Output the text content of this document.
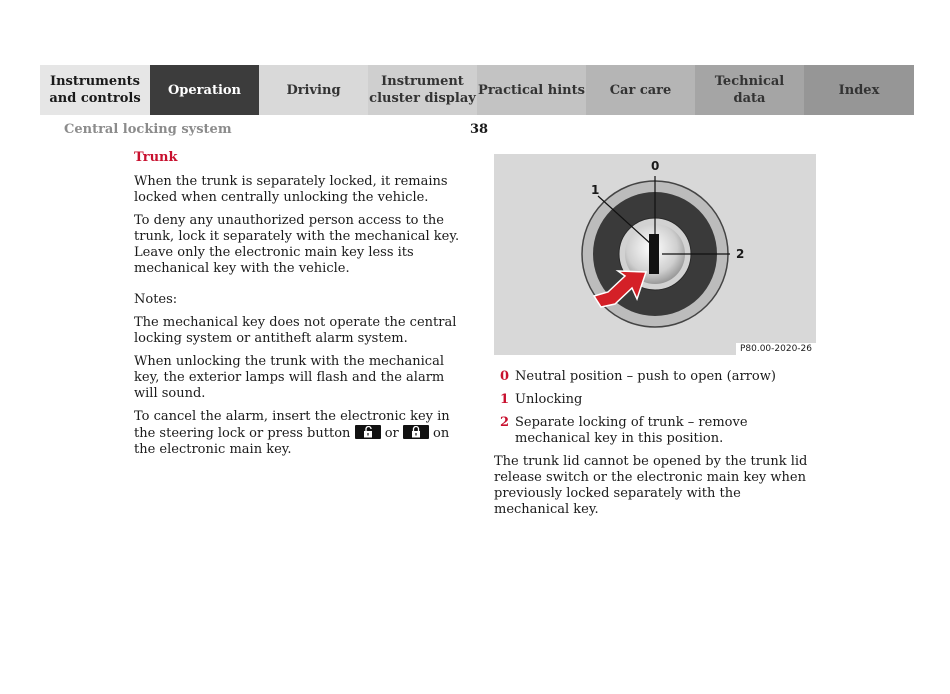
Instruments
and controls
Operation	Driving
Instrument
cluster display
Practical hints	Car care
Technical
data
Index
Central locking system	38
Trunk

When the trunk is separately locked, it remains locked when centrally unlocking the vehicle.

To deny any unauthorized person access to the trunk, lock it separately with the mechanical key. Leave only the electronic main key less its mechanical key with the vehicle.

Notes:

The mechanical key does not operate the central locking system or antitheft alarm system.

When unlocking the trunk with the mechanical key, the exterior lamps will flash and the alarm will sound.

To cancel the alarm, insert the electronic key in the steering lock or press button	or	on the electronic main key.

0
1
2
P80.00-2020-26
0 Neutral position – push to open (arrow)
1 Unlocking
2 Separate locking of trunk – remove mechanical key in this position.

The trunk lid cannot be opened by the trunk lid release switch or the electronic main key when previously locked separately with the mechanical key.
